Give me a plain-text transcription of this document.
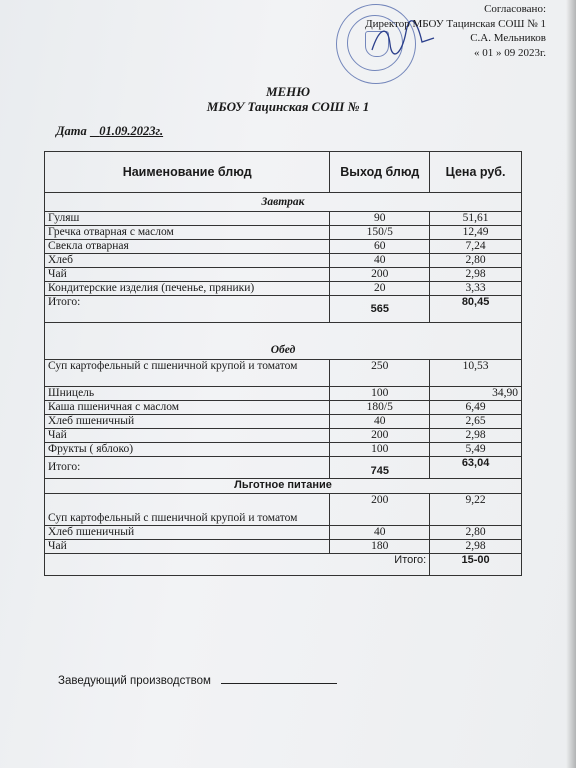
Согласовано:
Директор МБОУ Тацинская СОШ № 1
С.А. Мельников
« 01 » 09 2023г.
МЕНЮ
МБОУ Тацинская СОШ № 1
Дата 01.09.2023г.
Наименование блюд	Выход блюд	Цена руб.
Завтрак		
Гуляш	90	51,61
Гречка отварная с маслом	150/5	12,49
Свекла отварная	60	7,24
Хлеб	40	2,80
Чай	200	2,98
Кондитерские изделия (печенье, пряники)	20	3,33
Итого:	565	80,45

Обед		
Суп картофельный с пшеничной крупой и томатом	250	10,53
Шницель	100	34,90
Каша пшеничная с маслом	180/5	6,49
Хлеб пшеничный	40	2,65
Чай	200	2,98
Фрукты ( яблоко)	100	5,49
Итого:	745	63,04
Льготное питание		
Суп картофельный с пшеничной крупой и томатом	200	9,22
Хлеб пшеничный	40	2,80
Чай	180	2,98
	Итого:	15-00
Заведующий производством
